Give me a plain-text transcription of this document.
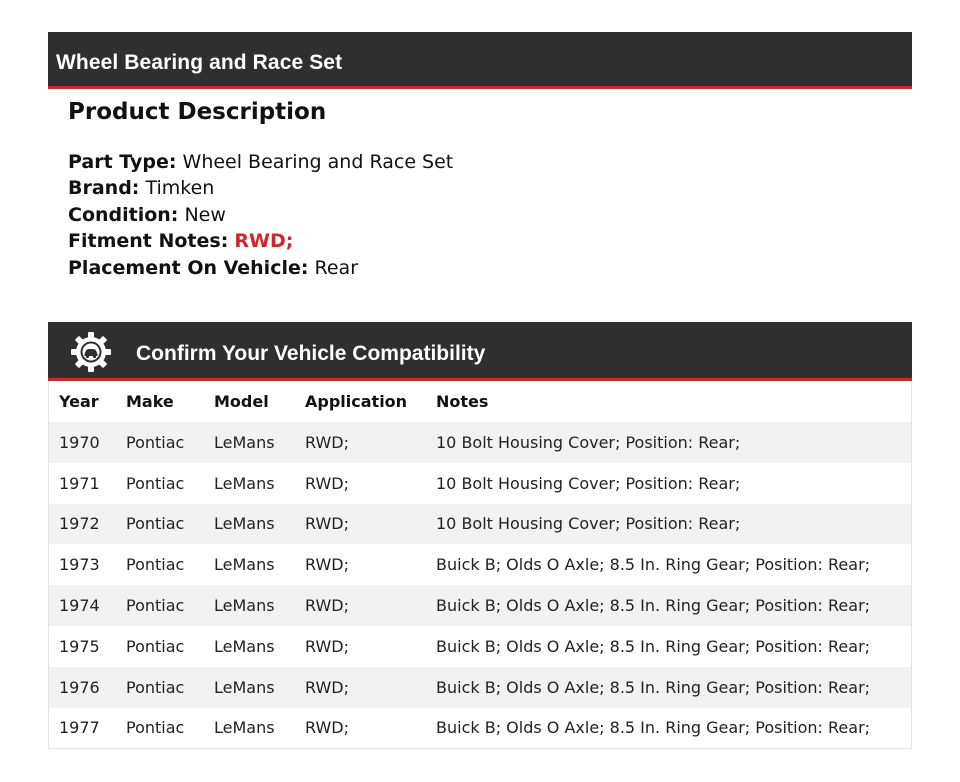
Wheel Bearing and Race Set
Product Description
Part Type: Wheel Bearing and Race Set
Brand: Timken
Condition: New
Fitment Notes: RWD;
Placement On Vehicle: Rear
Confirm Your Vehicle Compatibility
Year	Make	Model	Application	Notes
1970	Pontiac	LeMans	RWD;	10 Bolt Housing Cover; Position: Rear;
1971	Pontiac	LeMans	RWD;	10 Bolt Housing Cover; Position: Rear;
1972	Pontiac	LeMans	RWD;	10 Bolt Housing Cover; Position: Rear;
1973	Pontiac	LeMans	RWD;	Buick B; Olds O Axle; 8.5 In. Ring Gear; Position: Rear;
1974	Pontiac	LeMans	RWD;	Buick B; Olds O Axle; 8.5 In. Ring Gear; Position: Rear;
1975	Pontiac	LeMans	RWD;	Buick B; Olds O Axle; 8.5 In. Ring Gear; Position: Rear;
1976	Pontiac	LeMans	RWD;	Buick B; Olds O Axle; 8.5 In. Ring Gear; Position: Rear;
1977	Pontiac	LeMans	RWD;	Buick B; Olds O Axle; 8.5 In. Ring Gear; Position: Rear;
